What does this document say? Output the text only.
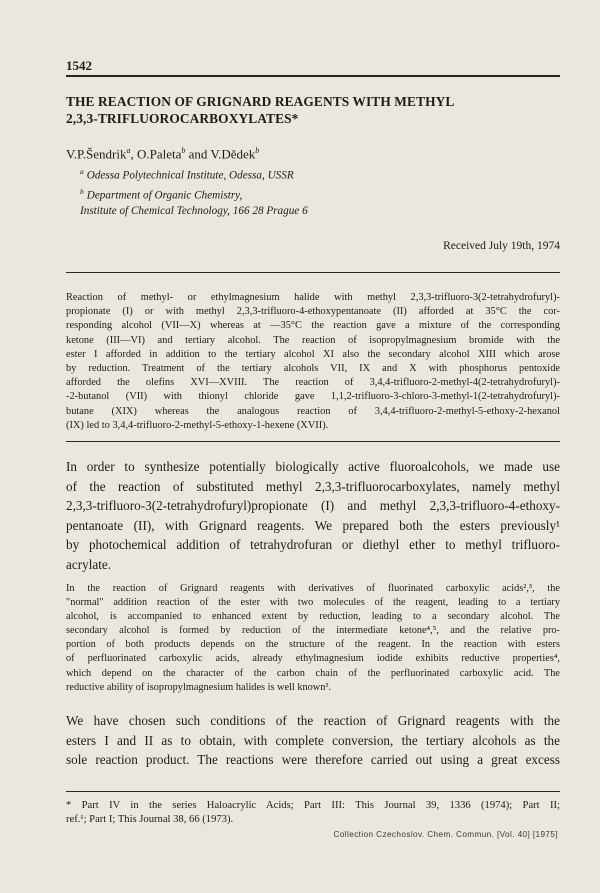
1542
THE REACTION OF GRIGNARD REAGENTS WITH METHYL
2,3,3-TRIFLUOROCARBOXYLATES*
V.P.Šendrik$^a$, O.Paleta$^b$ and V.Dědek$^b$
$^a$ Odessa Polytechnical Institute, Odessa, USSR
$^b$ Department of Organic Chemistry,
Institute of Chemical Technology, 166 28 Prague 6
Received July 19th, 1974
Reaction of methyl- or ethylmagnesium halide with methyl 2,3,3-trifluoro-3(2-tetrahydrofuryl)-
propionate (I) or with methyl 2,3,3-trifluoro-4-ethoxypentanoate (II) afforded at 35°C the cor-
responding alcohol (VII—X) whereas at —35°C the reaction gave a mixture of the corresponding
ketone (III—VI) and tertiary alcohol. The reaction of isopropylmagnesium bromide with the
ester I afforded in addition to the tertiary alcohol XI also the secondary alcohol XIII which arose
by reduction. Treatment of the tertiary alcohols VII, IX and X with phosphorus pentoxide
afforded the olefins XVI—XVIII. The reaction of 3,4,4-trifluoro-2-methyl-4(2-tetrahydrofuryl)-
-2-butanol (VII) with thionyl chloride gave 1,1,2-trifluoro-3-chloro-3-methyl-1(2-tetrahydrofuryl)-
butane (XIX) whereas the analogous reaction of 3,4,4-trifluoro-2-methyl-5-ethoxy-2-hexanol
(IX) led to 3,4,4-trifluoro-2-methyl-5-ethoxy-1-hexene (XVII).
In order to synthesize potentially biologically active fluoroalcohols, we made use
of the reaction of substituted methyl 2,3,3-trifluorocarboxylates, namely methyl
2,3,3-trifluoro-3(2-tetrahydrofuryl)propionate (I) and methyl 2,3,3-trifluoro-4-ethoxy-
pentanoate (II), with Grignard reagents. We prepared both the esters previously¹
by photochemical addition of tetrahydrofuran or diethyl ether to methyl trifluoro-
acrylate.
In the reaction of Grignard reagents with derivatives of fluorinated carboxylic acids²,³, the
"normal" addition reaction of the ester with two molecules of the reagent, leading to a tertiary
alcohol, is accompanied to enhanced extent by reduction, leading to a secondary alcohol. The
secondary alcohol is formed by reduction of the intermediate ketone⁴,⁵, and the relative pro-
portion of both products depends on the structure of the reagent. In the reaction with esters
of perfluorinated carboxylic acids, already ethylmagnesium iodide exhibits reductive properties⁴,
which depend on the character of the carbon chain of the perfluorinated carboxylic acid. The
reductive ability of isopropylmagnesium halides is well known³.
We have chosen such conditions of the reaction of Grignard reagents with the
esters I and II as to obtain, with complete conversion, the tertiary alcohols as the
sole reaction product. The reactions were therefore carried out using a great excess
* Part IV in the series Haloacrylic Acids; Part III: This Journal 39, 1336 (1974); Part II;
ref.¹; Part I; This Journal 38, 66 (1973).
Collection Czechoslov. Chem. Commun. [Vol. 40] [1975]
